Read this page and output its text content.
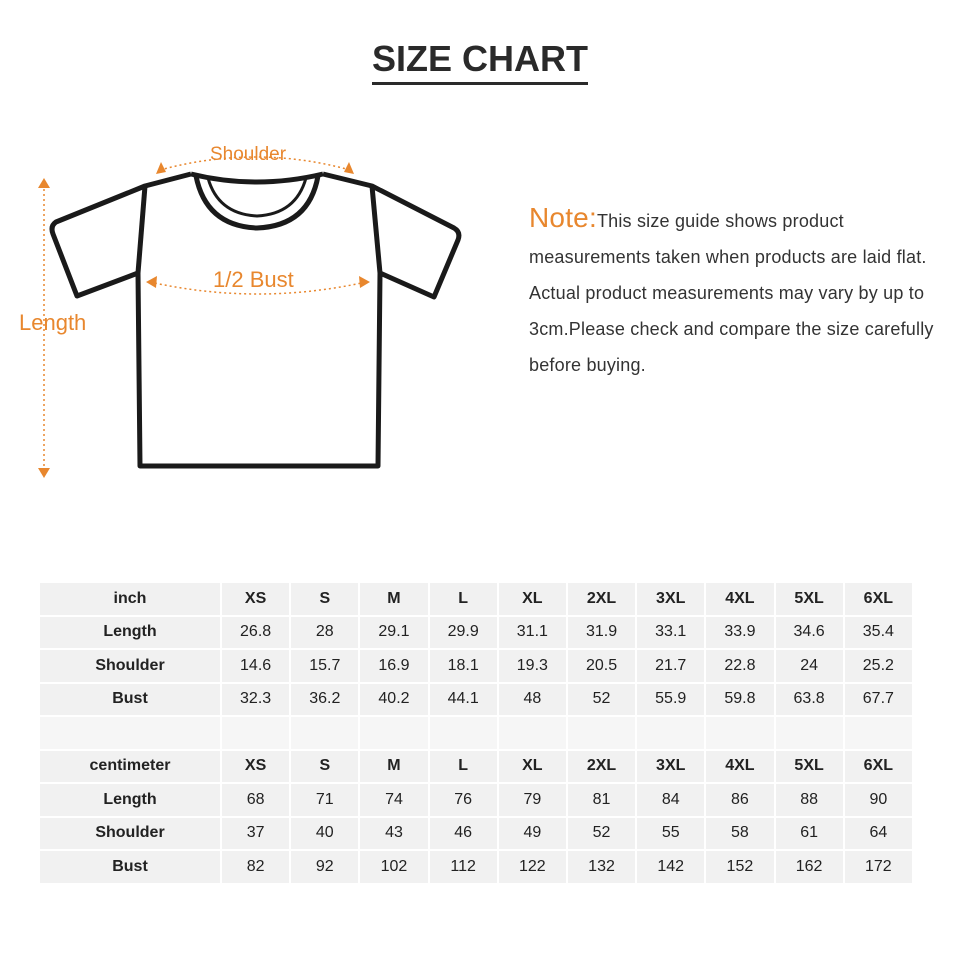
SIZE CHART
Shoulder
1/2 Bust
Length
Note:This size guide shows product measurements taken when products are laid flat. Actual product measurements may vary by up to 3cm.Please check and compare the size carefully before buying.
inch	XS	S	M	L	XL	2XL	3XL	4XL	5XL	6XL
Length	26.8	28	29.1	29.9	31.1	31.9	33.1	33.9	34.6	35.4
Shoulder	14.6	15.7	16.9	18.1	19.3	20.5	21.7	22.8	24	25.2
Bust	32.3	36.2	40.2	44.1	48	52	55.9	59.8	63.8	67.7

centimeter	XS	S	M	L	XL	2XL	3XL	4XL	5XL	6XL
Length	68	71	74	76	79	81	84	86	88	90
Shoulder	37	40	43	46	49	52	55	58	61	64
Bust	82	92	102	112	122	132	142	152	162	172
